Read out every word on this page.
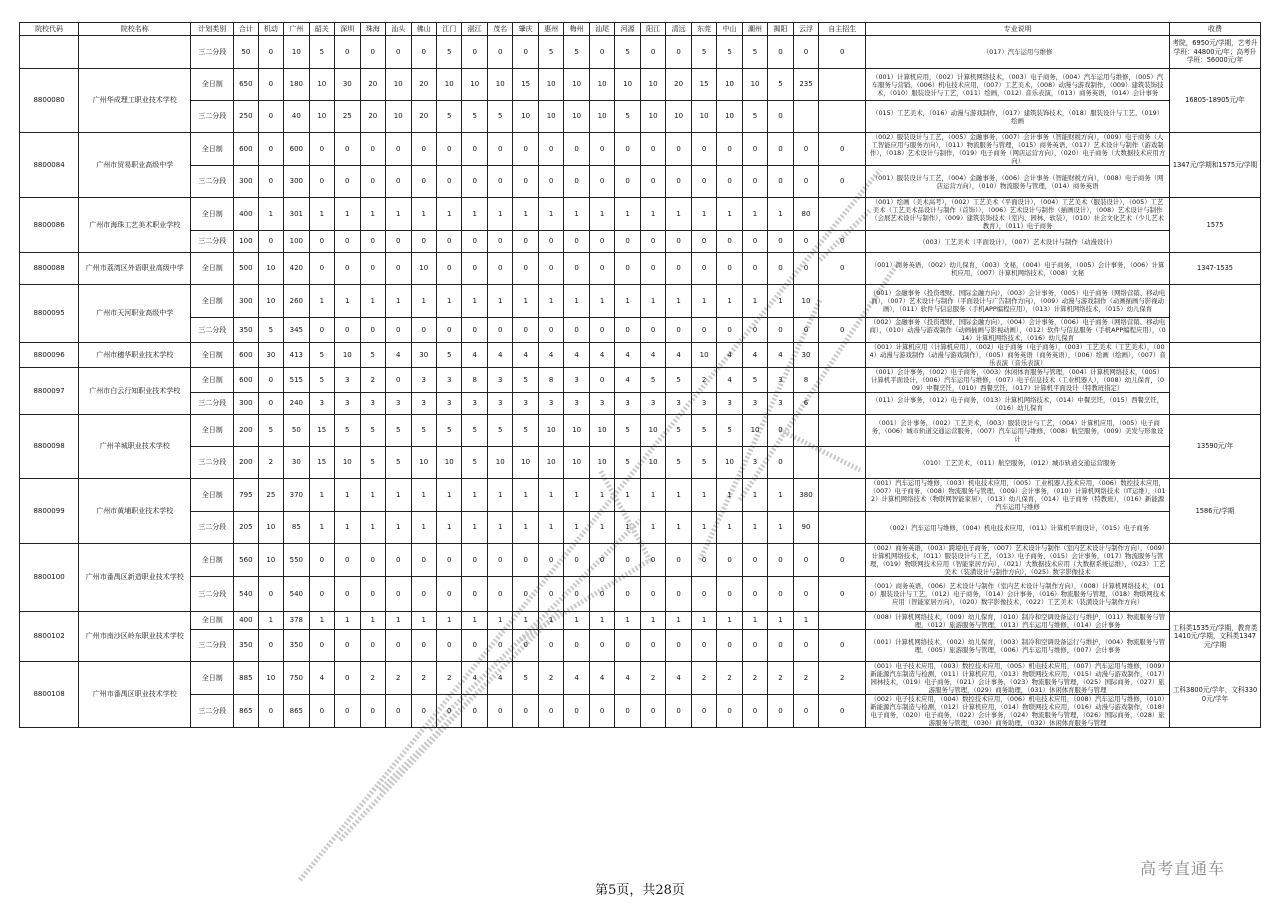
院校代码	院校名称	计划类别	合计	机动	广州	韶关	深圳	珠海	汕头	佛山	江门	湛江	茂名	肇庆	惠州	梅州	汕尾	河源	阳江	清远	东莞	中山	潮州	揭阳	云浮	自主招生	专业说明	收费
		三二分段	50	0	10	5	0	0	0	0	5	0	0	0	5	5	0	5	0	0	5	5	5	0	0	0	（017）汽车运用与维修	考院，6950元/学期，艺考升学班：44800元/年；高考升学班：56000元/年
8800080	广州华成理工职业技术学校	全日制	650	0	180	10	30	20	10	20	10	10	10	15	10	10	10	10	10	20	15	10	10	5	235		（001）计算机应用，（002）计算机网络技术，（003）电子商务，（004）汽车运用与维修，（005）汽车服务与营销，（006）机电技术应用，（007）工艺美术，（008）动漫与游戏制作，（009）建筑装饰技术，（010）服装设计与工艺，（011）绘画，（012）音乐表演，（013）商务英语，（014）会计事务	16805-18905元/年
		三二分段	250	0	40	10	25	20	10	20	5	5	5	10	10	10	10	5	10	10	10	10	5	0			（015）工艺美术，（016）动漫与游戏制作，（017）建筑装饰技术，（018）服装设计与工艺，（019）绘画	
8800084	广州市贸易职业高级中学	全日制	600	0	600	0	0	0	0	0	0	0	0	0	0	0	0	0	0	0	0	0	0	0	0	0	（002）服装设计与工艺，（005）金融事务，（007）会计事务（智能财税方向），（009）电子商务（人工智能应用与服务方向），（011）物流服务与管理，（015）商务英语，（017）艺术设计与制作（游戏制作），（018）艺术设计与制作，（019）电子商务（网店运营方向），（020）电子商务（大数据技术应用方向）	1347元/学期和1575元/学期
		三二分段	300	0	300	0	0	0	0	0	0	0	0	0	0	0	0	0	0	0	0	0	0	0	0	0	（001）服装设计与工艺，（004）金融事务，（006）会计事务（智能财税方向），（008）电子商务（网店运营方向），（010）物流服务与管理，（014）商务英语	
8800086	广州市海珠工艺美术职业学校	全日制	400	1	301	1	1	1	1	1	1	1	1	1	1	1	1	1	1	1	1	1	1	1	80		（001）绘画（美术高考），（002）工艺美术（平面设计），（004）工艺美术（服装设计），（005）工艺美术（工艺美术品设计与制作（首饰）），（006）艺术设计与制作（插画设计），（008）艺术设计与制作（会展艺术设计与制作），（009）建筑装饰技术（室内、园林、软装），（010）社会文化艺术（少儿艺术教育），（011）电子商务	1575
		三二分段	100	0	100	0	0	0	0	0	0	0	0	0	0	0	0	0	0	0	0	0	0	0	0	0	（003）工艺美术（平面设计），（007）艺术设计与制作（动漫设计）	
8800088	广州市荔湾区外语职业高级中学	全日制	500	10	420	0	0	0	0	10	0	0	0	0	0	0	0	0	0	0	0	0	0	0	0	0	（001）商务英语，（002）幼儿保育，（003）文秘，（004）电子商务，（005）会计事务，（006）计算机应用，（007）计算机网络技术，（008）文秘	1347-1535
8800095	广州市天河职业高级中学	全日制	300	10	260	1	1	1	1	1	1	1	1	1	1	1	1	1	1	1	1	1	1	1	10		（001）金融事务（投资理财、国际金融方向），（003）会计事务，（005）电子商务（网络营销、移动电商），（007）艺术设计与制作（平面设计与广告制作方向），（009）动漫与游戏制作（动画插画与影视动画），（011）软件与信息服务（手机APP编程应用），（013）计算机网络技术，（015）幼儿保育	
		三二分段	350	5	345	0	0	0	0	0	0	0	0	0	0	0	0	0	0	0	0	0	0	0	0	0	（002）金融事务（投资理财、国际金融方向），（004）会计事务，（006）电子商务（网络营销、移动电商），（010）动漫与游戏制作（动画插画与影视动画），（012）软件与信息服务（手机APP编程应用），（014）计算机网络技术，（016）幼儿保育	
8800096	广州市穗华职业技术学校	全日制	600	30	413	5	10	5	4	30	5	4	4	4	4	4	4	4	4	4	10	4	4	4	30		（001）计算机应用（计算机应用），（002）电子商务（电子商务），（003）工艺美术（工艺美术），（004）动漫与游戏制作（动漫与游戏制作），（005）商务英语（商务英语），（006）绘画（绘画），（007）音乐表演（音乐表演）	
8800097	广州市白云行知职业技术学校	全日制	600	0	515	5	3	2	0	3	3	8	3	5	8	3	0	4	5	5	2	4	5	3	8		（001）会计事务，（002）电子商务，（003）休闲体育服务与管理，（004）计算机网络技术，（005）计算机平面设计，（006）汽车运用与维修，（007）电子信息技术（工业机器人），（008）幼儿保育，（009）中餐烹饪，（010）西餐烹饪，（017）计算机平面设计（特教班指定）	
		三二分段	300	0	240	3	3	3	3	3	3	3	3	3	3	3	3	3	3	3	3	3	3	3	6		（011）会计事务，（012）电子商务，（013）计算机网络技术，（014）中餐烹饪，（015）西餐烹饪，（016）幼儿保育	
8800098	广州羊城职业技术学校	全日制	200	5	50	15	5	5	5	5	5	5	5	5	10	10	10	5	10	5	5	5	10	0			（001）会计事务，（002）工艺美术，（003）服装设计与工艺，（004）计算机应用，（005）电子商务，（006）城市轨道交通运营服务，（007）汽车运用与维修，（008）航空服务，（009）美发与形象设计	13590元/年
		三二分段	200	2	30	15	10	5	5	10	10	5	10	10	10	10	10	5	10	5	5	10	3	0			（010）工艺美术，（011）航空服务，（012）城市轨道交通运营服务	
8800099	广州市黄埔职业技术学校	全日制	795	25	370	1	1	1	1	1	1	1	1	1	1	1	1	1	1	1	1	1	1	1	380		（001）汽车运用与维修，（003）机电技术应用，（005）工业机器人技术应用，（006）数控技术应用，（007）电子商务，（008）物流服务与管理，（009）会计事务，（010）计算机网络技术（IT运维），（012）计算机网络技术（物联网智能家居），（013）幼儿保育，（014）电子商务（特教班），（016）新能源汽车运用与维修	1586元/学期
		三二分段	205	10	85	1	1	1	1	1	1	1	1	1	1	1	1	1	1	1	1	1	1	1	90		（002）汽车运用与维修，（004）机电技术应用，（011）计算机平面设计，（015）电子商务	
8800100	广州市番禺区新造职业技术学校	全日制	560	10	550	0	0	0	0	0	0	0	0	0	0	0	0	0	0	0	0	0	0	0	0	0	（002）商务英语，（003）跨境电子商务，（007）艺术设计与制作（室内艺术设计与制作方向），（009）计算机网络技术，（011）服装设计与工艺，（013）电子商务，（015）会计事务，（017）物流服务与管理，（019）物联网技术应用（智能家居方向），（021）大数据技术应用（大数据系统运维），（023）工艺美术（装潢设计与制作方向），（025）数字影像技术	
		三二分段	540	0	540	0	0	0	0	0	0	0	0	0	0	0	0	0	0	0	0	0	0	0	0	0	（001）商务英语，（006）艺术设计与制作（室内艺术设计与制作方向），（008）计算机网络技术，（010）服装设计与工艺，（012）电子商务，（014）会计事务，（016）物流服务与管理，（018）物联网技术应用（智能家居方向），（020）数字影像技术，（022）工艺美术（装潢设计与制作方向）	
8800102	广州市南沙区岭东职业技术学校	全日制	400	1	378	1	1	1	1	1	1	1	1	1	1	1	1	1	1	1	1	1	1	1	1		（008）计算机网络技术，（009）幼儿保育，（010）制冷和空调设备运行与维护，（011）物流服务与管理，（012）旅游服务与管理，（013）汽车运用与维修，（014）会计事务	工科类1535元/学期，教育类1410元/学期，文科类1347元/学期
		三二分段	350	0	350	0	0	0	0	0	0	0	0	0	0	0	0	0	0	0	0	0	0	0	0	0	（001）计算机网络技术，（002）幼儿保育，（003）制冷和空调设备运行与维护，（004）物流服务与管理，（005）旅游服务与管理，（006）汽车运用与维修，（007）会计事务	
8800108	广州市番禺区职业技术学校	全日制	885	10	750	4	0	2	2	2	2	4	4	5	2	4	4	4	2	4	2	2	2	2	2	2	（001）电子技术应用，（003）数控技术应用，（005）机电技术应用，（007）汽车运用与维修，（009）新能源汽车制造与检测，（011）计算机应用，（013）物联网技术应用，（015）动漫与游戏制作，（017）园林技术，（019）电子商务，（021）会计事务，（023）物流服务与管理，（025）国际商务，（027）旅游服务与管理，（029）商务助理，（031）休闲体育服务与管理	工科3800元/学年，文科3300元/学年
		三二分段	865	0	865	0	0	0	0	0	0	0	0	0	0	0	0	0	0	0	0	0	0	0	0	0	（002）电子技术应用，（004）数控技术应用，（006）机电技术应用，（008）汽车运用与维修，（010）新能源汽车制造与检测，（012）计算机应用，（014）物联网技术应用，（016）动漫与游戏制作，（018）电子商务，（020）电子商务，（022）会计事务，（024）物流服务与管理，（026）国际商务，（028）旅游服务与管理，（030）商务助理，（032）休闲体育服务与管理	
高考直通车
第5页，共28页
